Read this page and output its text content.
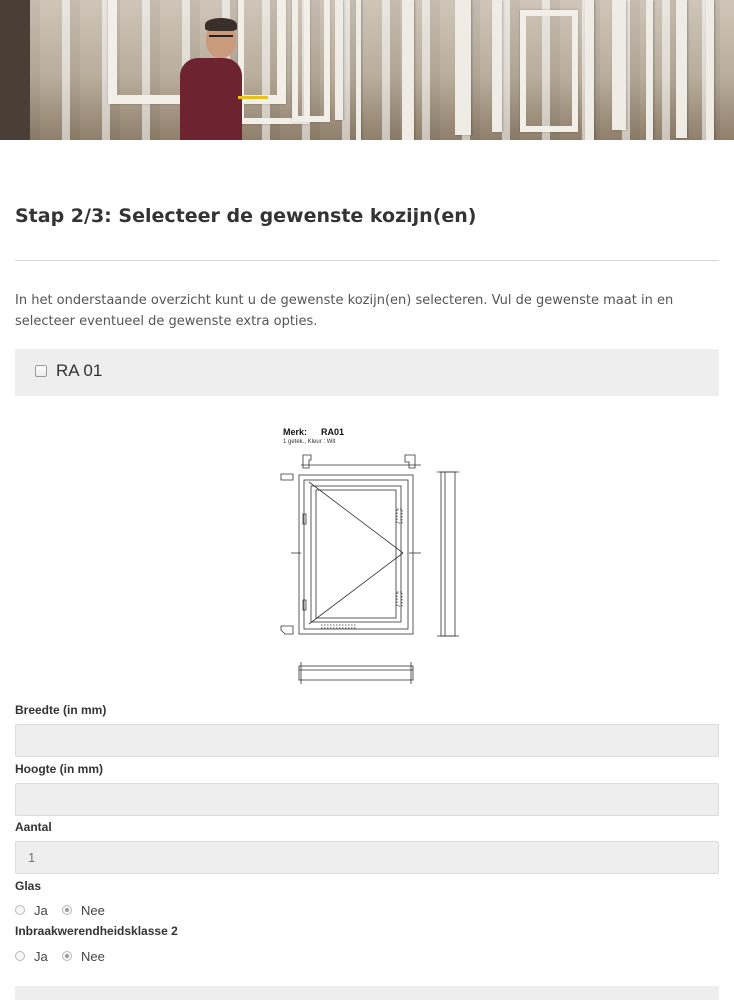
Stap 2/3: Selecteer de gewenste kozijn(en)

In het onderstaande overzicht kunt u de gewenste kozijn(en) selecteren. Vul de gewenste maat in en selecteer eventueel de gewenste extra opties.

RA 01
Merk: RA01
1 getek., Kleur : Wit
Breedte (in mm)
Hoogte (in mm)
Aantal
1
Glas
Ja	Nee
Inbraakwerendheidsklasse 2
Ja	Nee
